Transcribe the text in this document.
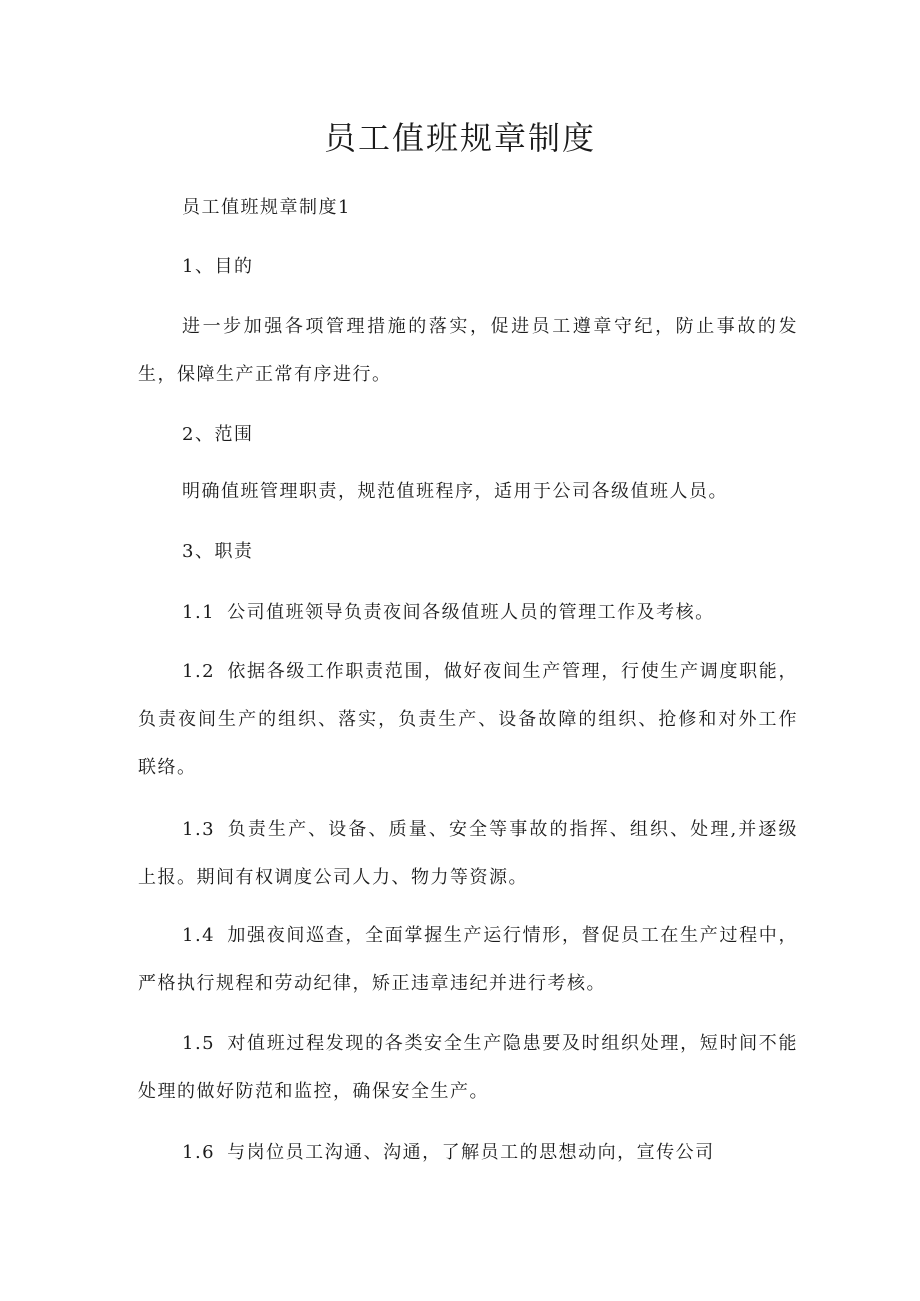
员工值班规章制度

员工值班规章制度1

1、目的

进一步加强各项管理措施的落实，促进员工遵章守纪，防止事故的发生，保障生产正常有序进行。

2、范围

明确值班管理职责，规范值班程序，适用于公司各级值班人员。

3、职责

1.1 公司值班领导负责夜间各级值班人员的管理工作及考核。

1.2 依据各级工作职责范围，做好夜间生产管理，行使生产调度职能，负责夜间生产的组织、落实，负责生产、设备故障的组织、抢修和对外工作联络。

1.3 负责生产、设备、质量、安全等事故的指挥、组织、处理,并逐级上报。期间有权调度公司人力、物力等资源。

1.4 加强夜间巡查，全面掌握生产运行情形，督促员工在生产过程中，严格执行规程和劳动纪律，矫正违章违纪并进行考核。

1.5 对值班过程发现的各类安全生产隐患要及时组织处理，短时间不能处理的做好防范和监控，确保安全生产。

1.6 与岗位员工沟通、沟通，了解员工的思想动向，宣传公司
